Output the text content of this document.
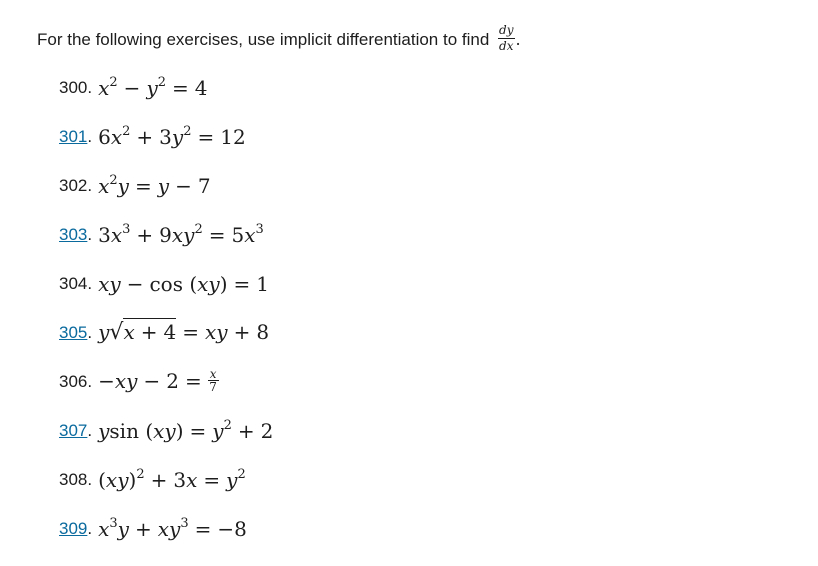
For the following exercises, use implicit differentiation to find $\frac{dy}{dx}$ .
300 . $x^2 - y^2 = 4$
301 . $6x^2 + 3y^2 = 12$
302 . $x^2y = y - 7$
303 . $3x^3 + 9xy^2 = 5x^3$
304 . xy − cos (xy) = 1
305 . y√x + 4 = xy + 8
306 . $-xy - 2 = \frac{x}{7}$
307 . ysin $(xy) = y^2 + 2$
308 . $(xy)^2 + 3x = y^2$
309 . $x^3y + xy^3 = -8$
